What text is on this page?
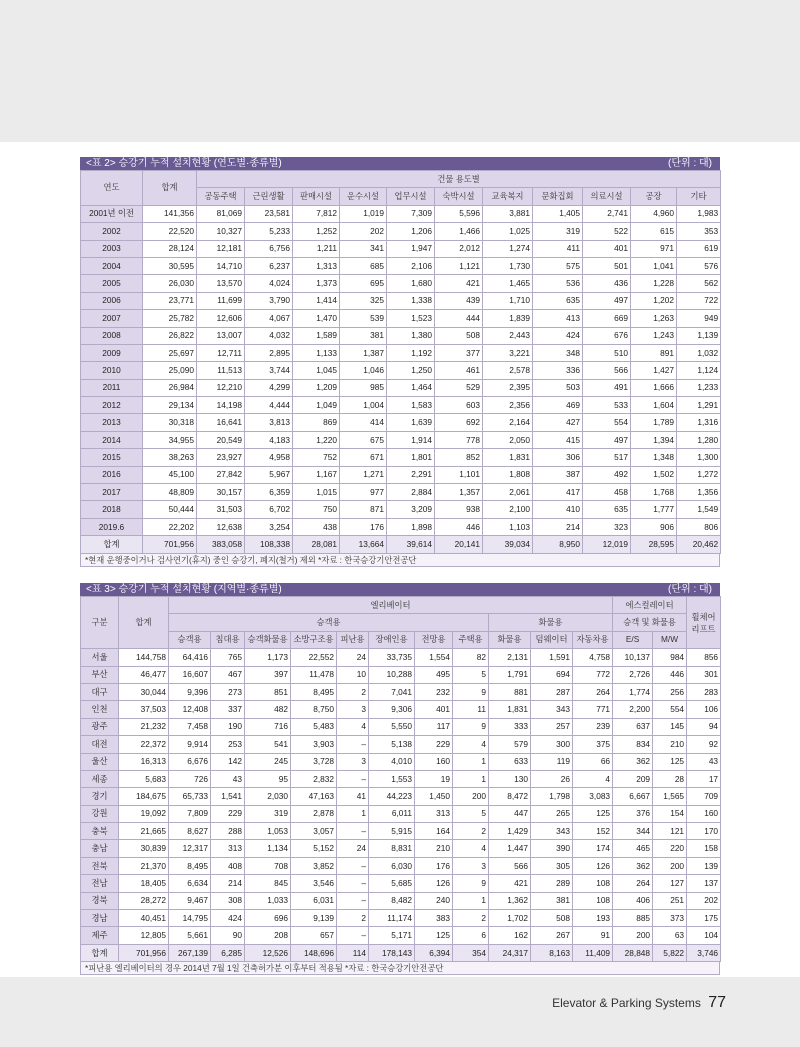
<표 2> 승강기 누적 설치현황 (연도별·종류별)	(단위 : 대)
연도	합계	건물 용도별										
		공동주택	근린생활	판매시설	운수시설	업무시설	숙박시설	교육복지	문화집회	의료시설	공장	기타
2001년 이전	141,356	81,069	23,581	7,812	1,019	7,309	5,596	3,881	1,405	2,741	4,960	1,983
2002	22,520	10,327	5,233	1,252	202	1,206	1,466	1,025	319	522	615	353
2003	28,124	12,181	6,756	1,211	341	1,947	2,012	1,274	411	401	971	619
2004	30,595	14,710	6,237	1,313	685	2,106	1,121	1,730	575	501	1,041	576
2005	26,030	13,570	4,024	1,373	695	1,680	421	1,465	536	436	1,228	562
2006	23,771	11,699	3,790	1,414	325	1,338	439	1,710	635	497	1,202	722
2007	25,782	12,606	4,067	1,470	539	1,523	444	1,839	413	669	1,263	949
2008	26,822	13,007	4,032	1,589	381	1,380	508	2,443	424	676	1,243	1,139
2009	25,697	12,711	2,895	1,133	1,387	1,192	377	3,221	348	510	891	1,032
2010	25,090	11,513	3,744	1,045	1,046	1,250	461	2,578	336	566	1,427	1,124
2011	26,984	12,210	4,299	1,209	985	1,464	529	2,395	503	491	1,666	1,233
2012	29,134	14,198	4,444	1,049	1,004	1,583	603	2,356	469	533	1,604	1,291
2013	30,318	16,641	3,813	869	414	1,639	692	2,164	427	554	1,789	1,316
2014	34,955	20,549	4,183	1,220	675	1,914	778	2,050	415	497	1,394	1,280
2015	38,263	23,927	4,958	752	671	1,801	852	1,831	306	517	1,348	1,300
2016	45,100	27,842	5,967	1,167	1,271	2,291	1,101	1,808	387	492	1,502	1,272
2017	48,809	30,157	6,359	1,015	977	2,884	1,357	2,061	417	458	1,768	1,356
2018	50,444	31,503	6,702	750	871	3,209	938	2,100	410	635	1,777	1,549
2019.6	22,202	12,638	3,254	438	176	1,898	446	1,103	214	323	906	806
합계	701,956	383,058	108,338	28,081	13,664	39,614	20,141	39,034	8,950	12,019	28,595	20,462
*현재 운행중이거나 검사연기(휴지) 중인 승강기, 폐지(철거) 제외 *자료 : 한국승강기안전공단
<표 3> 승강기 누적 설치현황 (지역별·종류별)	(단위 : 대)
구분	합계	엘리베이터											에스컬레이터		휠체어 리프트
		승객용								화물용			승객 및 화물용		
		승객용	침대용	승객화물용	소방구조용	피난용	장애인용	전망용	주택용	화물용	덤웨이터	자동차용	E/S	M/W	
서울	144,758	64,416	765	1,173	22,552	24	33,735	1,554	82	2,131	1,591	4,758	10,137	984	856
부산	46,477	16,607	467	397	11,478	10	10,288	495	5	1,791	694	772	2,726	446	301
대구	30,044	9,396	273	851	8,495	2	7,041	232	9	881	287	264	1,774	256	283
인천	37,503	12,408	337	482	8,750	3	9,306	401	11	1,831	343	771	2,200	554	106
광주	21,232	7,458	190	716	5,483	4	5,550	117	9	333	257	239	637	145	94
대전	22,372	9,914	253	541	3,903	–	5,138	229	4	579	300	375	834	210	92
울산	16,313	6,676	142	245	3,728	3	4,010	160	1	633	119	66	362	125	43
세종	5,683	726	43	95	2,832	–	1,553	19	1	130	26	4	209	28	17
경기	184,675	65,733	1,541	2,030	47,163	41	44,223	1,450	200	8,472	1,798	3,083	6,667	1,565	709
강원	19,092	7,809	229	319	2,878	1	6,011	313	5	447	265	125	376	154	160
충북	21,665	8,627	288	1,053	3,057	–	5,915	164	2	1,429	343	152	344	121	170
충남	30,839	12,317	313	1,134	5,152	24	8,831	210	4	1,447	390	174	465	220	158
전북	21,370	8,495	408	708	3,852	–	6,030	176	3	566	305	126	362	200	139
전남	18,405	6,634	214	845	3,546	–	5,685	126	9	421	289	108	264	127	137
경북	28,272	9,467	308	1,033	6,031	–	8,482	240	1	1,362	381	108	406	251	202
경남	40,451	14,795	424	696	9,139	2	11,174	383	2	1,702	508	193	885	373	175
제주	12,805	5,661	90	208	657	–	5,171	125	6	162	267	91	200	63	104
합계	701,956	267,139	6,285	12,526	148,696	114	178,143	6,394	354	24,317	8,163	11,409	28,848	5,822	3,746
*피난용 엘리베이터의 경우 2014년 7월 1일 건축허가분 이후부터 적용됨 *자료 : 한국승강기안전공단
Elevator & Parking Systems 77
